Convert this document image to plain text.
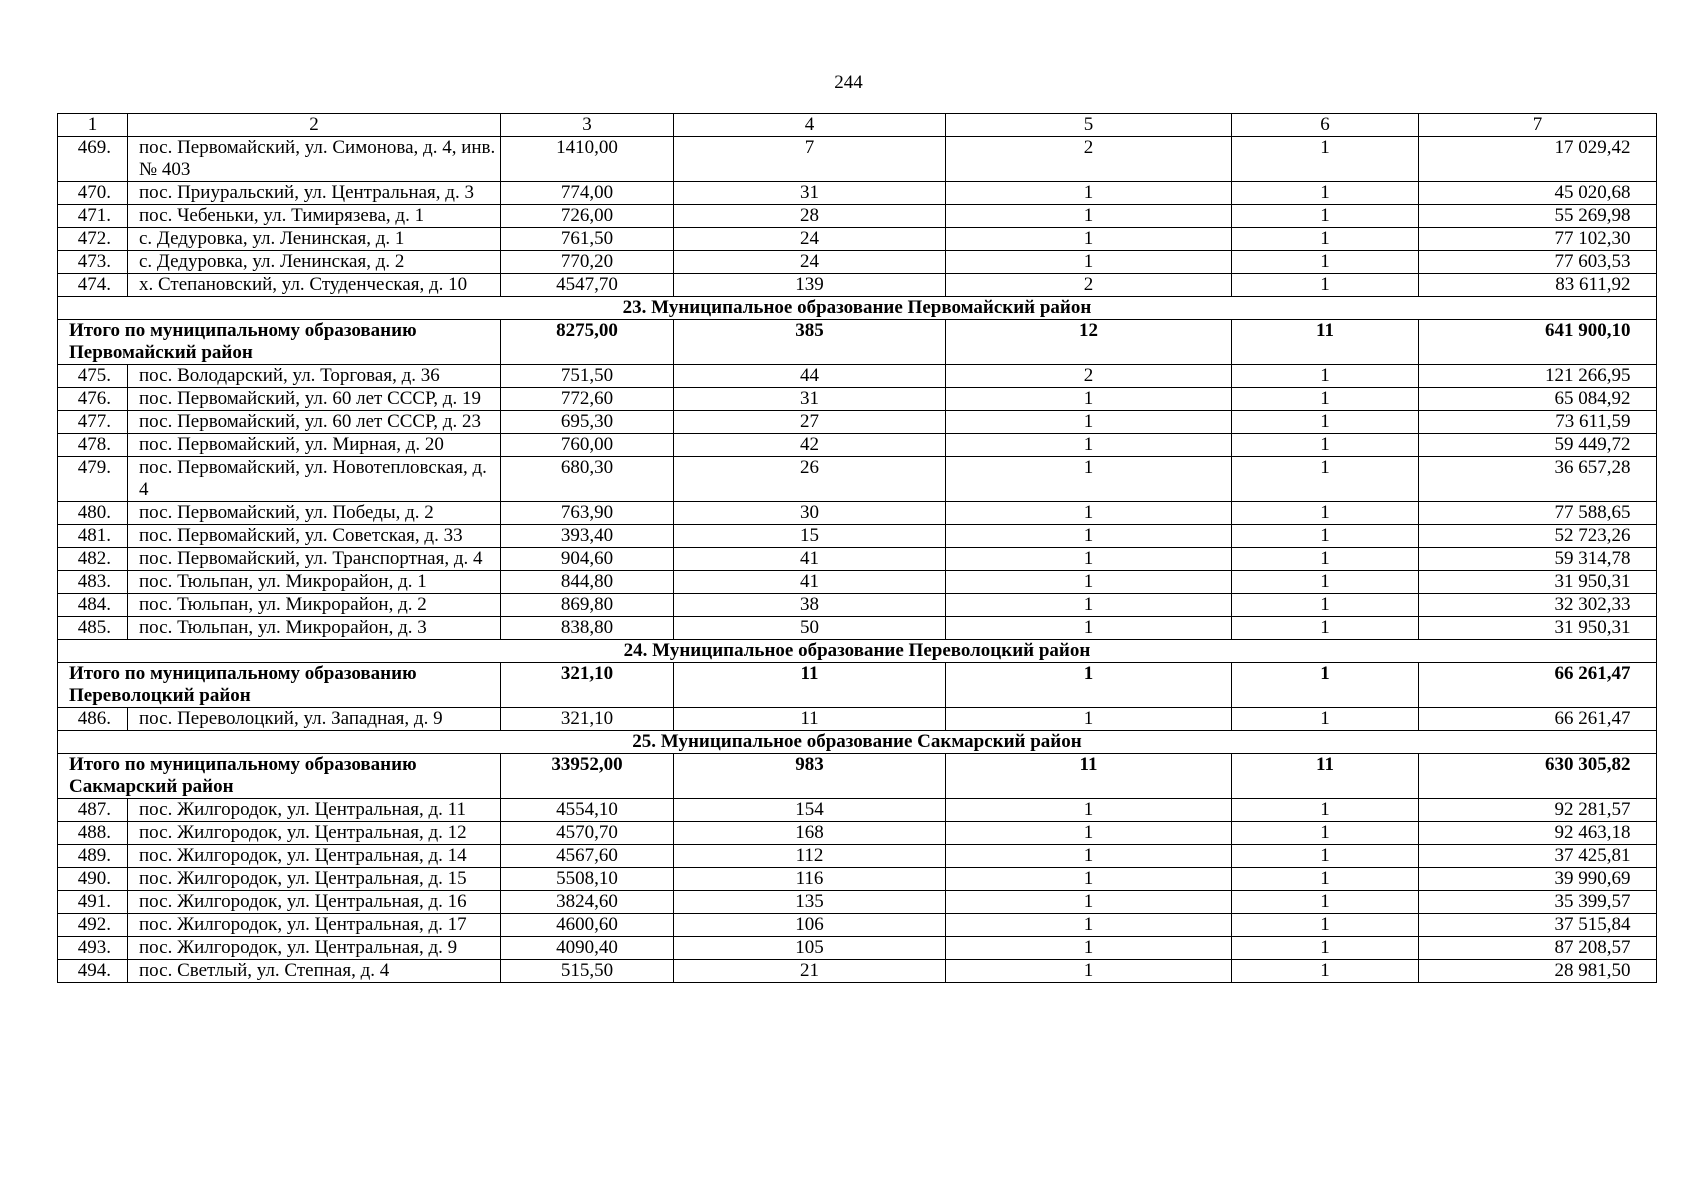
244
1	2	3	4	5	6	7
469.	пос. Первомайский, ул. Симонова, д. 4, инв. № 403	1410,00	7	2	1	17 029,42
470.	пос. Приуральский, ул. Центральная, д. 3	774,00	31	1	1	45 020,68
471.	пос. Чебеньки, ул. Тимирязева, д. 1	726,00	28	1	1	55 269,98
472.	с. Дедуровка, ул. Ленинская, д. 1	761,50	24	1	1	77 102,30
473.	с. Дедуровка, ул. Ленинская, д. 2	770,20	24	1	1	77 603,53
474.	х. Степановский, ул. Студенческая, д. 10	4547,70	139	2	1	83 611,92
23. Муниципальное образование Первомайский район						
Итого по муниципальному образованию Первомайский район		8275,00	385	12	11	641 900,10
475.	пос. Володарский, ул. Торговая, д. 36	751,50	44	2	1	121 266,95
476.	пос. Первомайский, ул. 60 лет СССР, д. 19	772,60	31	1	1	65 084,92
477.	пос. Первомайский, ул. 60 лет СССР, д. 23	695,30	27	1	1	73 611,59
478.	пос. Первомайский, ул. Мирная, д. 20	760,00	42	1	1	59 449,72
479.	пос. Первомайский, ул. Новотепловская, д. 4	680,30	26	1	1	36 657,28
480.	пос. Первомайский, ул. Победы, д. 2	763,90	30	1	1	77 588,65
481.	пос. Первомайский, ул. Советская, д. 33	393,40	15	1	1	52 723,26
482.	пос. Первомайский, ул. Транспортная, д. 4	904,60	41	1	1	59 314,78
483.	пос. Тюльпан, ул. Микрорайон, д. 1	844,80	41	1	1	31 950,31
484.	пос. Тюльпан, ул. Микрорайон, д. 2	869,80	38	1	1	32 302,33
485.	пос. Тюльпан, ул. Микрорайон, д. 3	838,80	50	1	1	31 950,31
24. Муниципальное образование Переволоцкий район						
Итого по муниципальному образованию Переволоцкий район		321,10	11	1	1	66 261,47
486.	пос. Переволоцкий, ул. Западная, д. 9	321,10	11	1	1	66 261,47
25. Муниципальное образование Сакмарский район						
Итого по муниципальному образованию Сакмарский район		33952,00	983	11	11	630 305,82
487.	пос. Жилгородок, ул. Центральная, д. 11	4554,10	154	1	1	92 281,57
488.	пос. Жилгородок, ул. Центральная, д. 12	4570,70	168	1	1	92 463,18
489.	пос. Жилгородок, ул. Центральная, д. 14	4567,60	112	1	1	37 425,81
490.	пос. Жилгородок, ул. Центральная, д. 15	5508,10	116	1	1	39 990,69
491.	пос. Жилгородок, ул. Центральная, д. 16	3824,60	135	1	1	35 399,57
492.	пос. Жилгородок, ул. Центральная, д. 17	4600,60	106	1	1	37 515,84
493.	пос. Жилгородок, ул. Центральная, д. 9	4090,40	105	1	1	87 208,57
494.	пос. Светлый, ул. Степная, д. 4	515,50	21	1	1	28 981,50
